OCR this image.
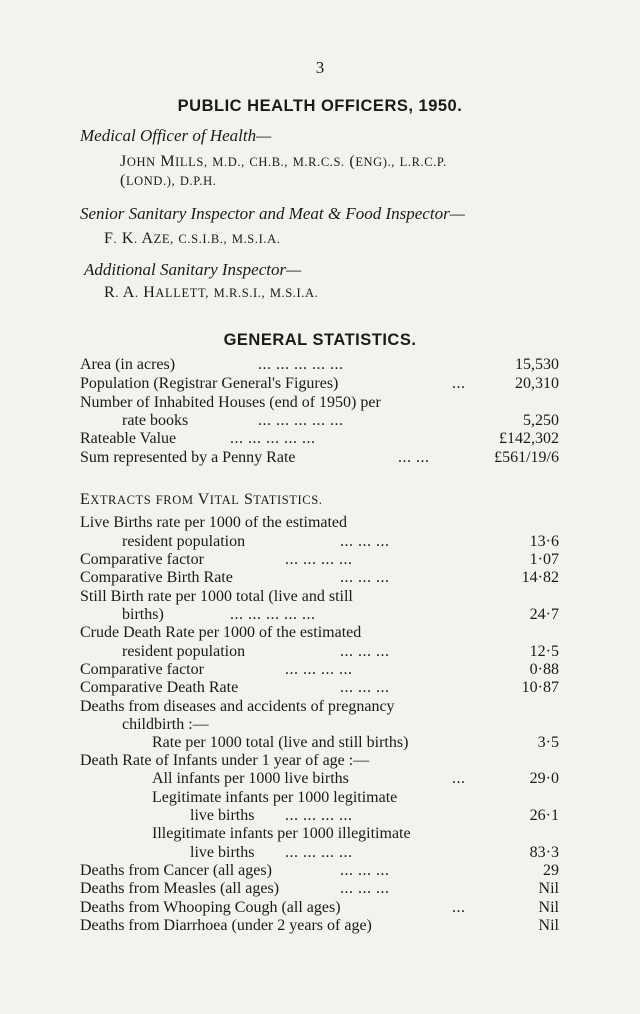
3
PUBLIC HEALTH OFFICERS, 1950.
Medical Officer of Health—
JOHN MILLS, M.D., CH.B., M.R.C.S. (ENG)., L.R.C.P.
(LOND.), D.P.H.
Senior Sanitary Inspector and Meat & Food Inspector—
F. K. AZE, C.S.I.B., M.S.I.A.
Additional Sanitary Inspector—
R. A. HALLETT, M.R.S.I., M.S.I.A.
GENERAL STATISTICS.
Area (in acres)	... ... ... ... ...	15,530
Population (Registrar General's Figures)	...	20,310
Number of Inhabited Houses (end of 1950) per
rate books	... ... ... ... ...	5,250
Rateable Value	... ... ... ... ...	£142,302
Sum represented by a Penny Rate	... ...	£561/19/6
EXTRACTS FROM VITAL STATISTICS.
Live Births rate per 1000 of the estimated
resident population	... ... ...	13·6
Comparative factor	... ... ... ...	1·07
Comparative Birth Rate	... ... ...	14·82
Still Birth rate per 1000 total (live and still
births)	... ... ... ... ...	24·7
Crude Death Rate per 1000 of the estimated
resident population	... ... ...	12·5
Comparative factor	... ... ... ...	0·88
Comparative Death Rate	... ... ...	10·87
Deaths from diseases and accidents of pregnancy
childbirth :—
Rate per 1000 total (live and still births)	3·5
Death Rate of Infants under 1 year of age :—
All infants per 1000 live births	...	29·0
Legitimate infants per 1000 legitimate
live births ... ... ... ...	26·1
Illegitimate infants per 1000 illegitimate
live births ... ... ... ...	83·3
Deaths from Cancer (all ages)	... ... ...	29
Deaths from Measles (all ages)	... ... ...	Nil
Deaths from Whooping Cough (all ages)	...	Nil
Deaths from Diarrhoea (under 2 years of age)	Nil
